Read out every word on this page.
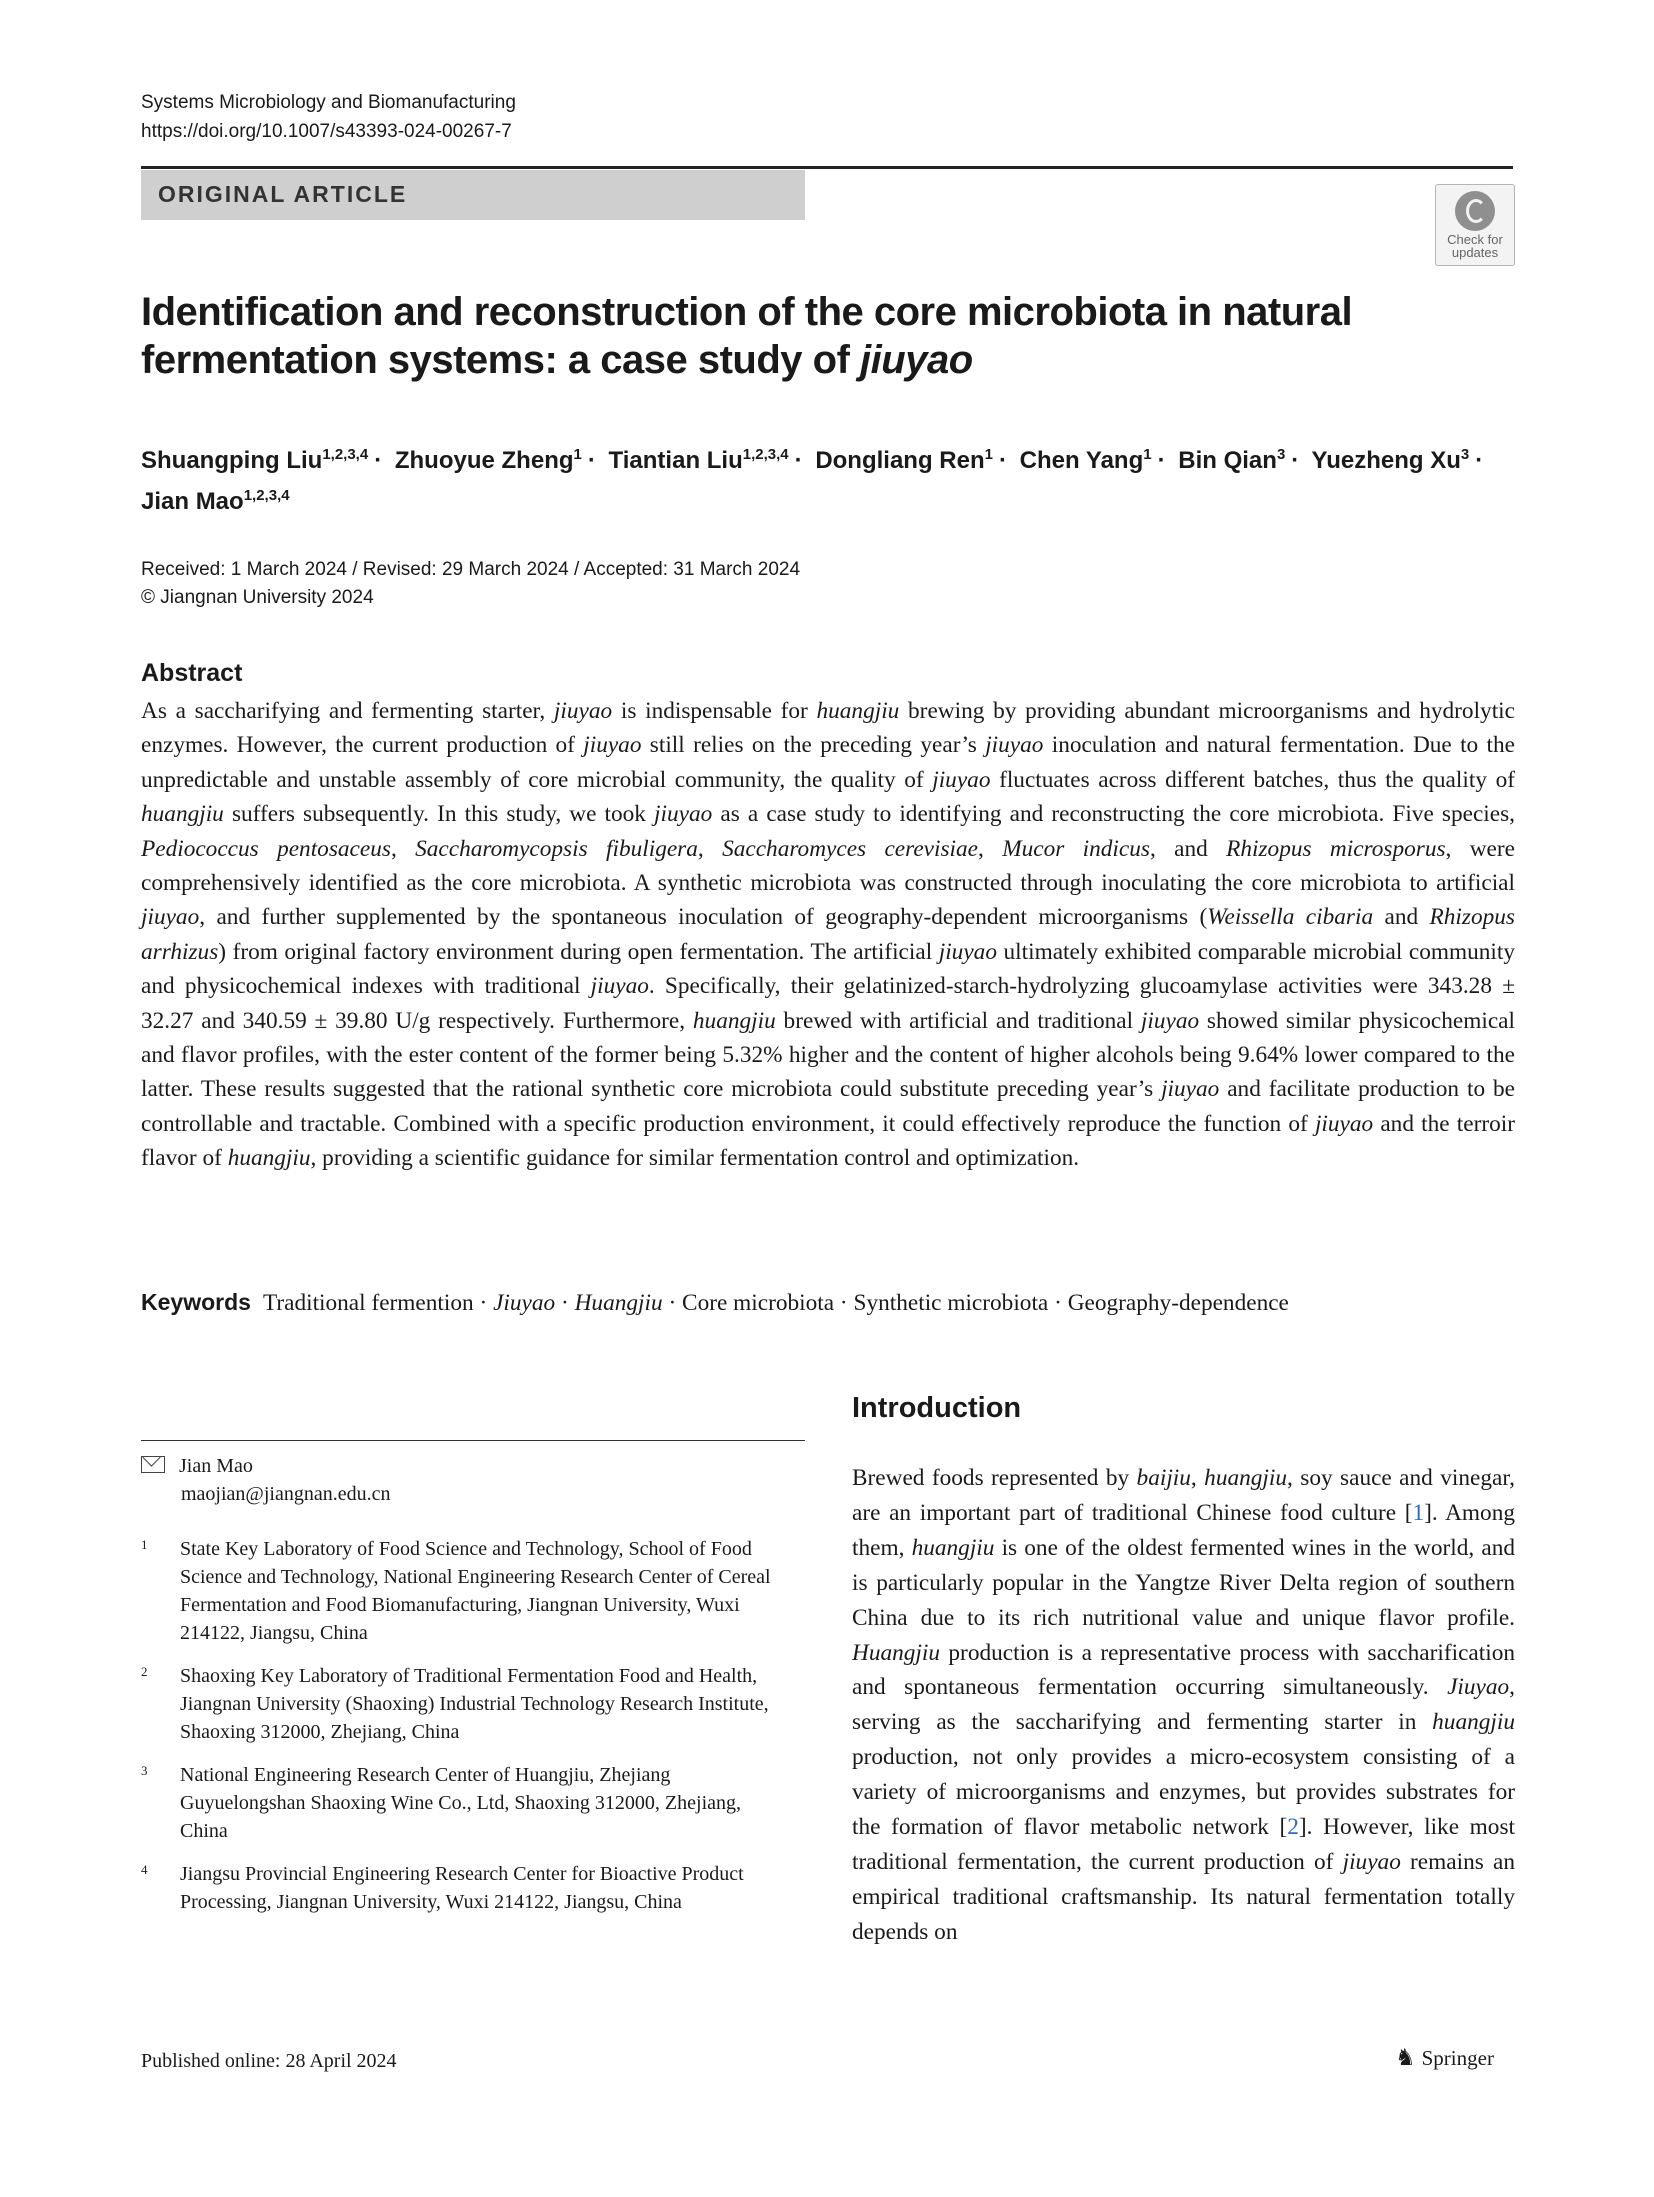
Systems Microbiology and Biomanufacturing
https://doi.org/10.1007/s43393-024-00267-7
ORIGINAL ARTICLE
Check for
updates
Identification and reconstruction of the core microbiota in natural fermentation systems: a case study of jiuyao
Shuangping Liu$^{1,2,3,4}$ · Zhuoyue Zheng$^1$ · Tiantian Liu$^{1,2,3,4}$ · Dongliang Ren$^1$ · Chen Yang$^1$ · Bin Qian$^3$ · Yuezheng $Xu^3$ · Jian Mao$^{1,2,3,4}$
Received: 1 March 2024 / Revised: 29 March 2024 / Accepted: 31 March 2024
© Jiangnan University 2024
Abstract
As a saccharifying and fermenting starter, jiuyao is indispensable for huangjiu brewing by providing abundant microorganisms and hydrolytic enzymes. However, the current production of jiuyao still relies on the preceding year’s jiuyao inoculation and natural fermentation. Due to the unpredictable and unstable assembly of core microbial community, the quality of jiuyao fluctuates across different batches, thus the quality of huangjiu suffers subsequently. In this study, we took jiuyao as a case study to identifying and reconstructing the core microbiota. Five species, Pediococcus pentosaceus, Saccharomycopsis fibuligera, Saccharomyces cerevisiae, Mucor indicus, and Rhizopus microsporus, were comprehensively identified as the core microbiota. A synthetic microbiota was constructed through inoculating the core microbiota to artificial jiuyao, and further supplemented by the spontaneous inoculation of geography-dependent microorganisms (Weissella cibaria and Rhizopus arrhizus) from original factory environment during open fermentation. The artificial jiuyao ultimately exhibited comparable microbial community and physicochemical indexes with traditional jiuyao. Specifically, their gelatinized-starch-hydrolyzing glucoamylase activities were 343.28 ± 32.27 and 340.59 ± 39.80 U/g respectively. Furthermore, huangjiu brewed with artificial and traditional jiuyao showed similar physicochemical and flavor profiles, with the ester content of the former being 5.32% higher and the content of higher alcohols being 9.64% lower compared to the latter. These results suggested that the rational synthetic core microbiota could substitute preceding year’s jiuyao and facilitate production to be controllable and tractable. Combined with a specific production environment, it could effectively reproduce the function of jiuyao and the terroir flavor of huangjiu, providing a scientific guidance for similar fermentation control and optimization.
Keywords Traditional fermention · Jiuyao · Huangjiu · Core microbiota · Synthetic microbiota · Geography-dependence
Jian Mao
maojian@jiangnan.edu.cn
1 State Key Laboratory of Food Science and Technology, School of Food Science and Technology, National Engineering Research Center of Cereal Fermentation and Food Biomanufacturing, Jiangnan University, Wuxi 214122, Jiangsu, China
2 Shaoxing Key Laboratory of Traditional Fermentation Food and Health, Jiangnan University (Shaoxing) Industrial Technology Research Institute, Shaoxing 312000, Zhejiang, China
3 National Engineering Research Center of Huangjiu, Zhejiang Guyuelongshan Shaoxing Wine Co., Ltd, Shaoxing 312000, Zhejiang, China
4 Jiangsu Provincial Engineering Research Center for Bioactive Product Processing, Jiangnan University, Wuxi 214122, Jiangsu, China
Introduction
Brewed foods represented by baijiu, huangjiu, soy sauce and vinegar, are an important part of traditional Chinese food culture [1]. Among them, huangjiu is one of the oldest fermented wines in the world, and is particularly popular in the Yangtze River Delta region of southern China due to its rich nutritional value and unique flavor profile. Huangjiu production is a representative process with saccharification and spontaneous fermentation occurring simultaneously. Jiuyao, serving as the saccharifying and fermenting starter in huangjiu production, not only provides a micro-ecosystem consisting of a variety of microorganisms and enzymes, but provides substrates for the formation of flavor metabolic network [2]. However, like most traditional fermentation, the current production of jiuyao remains an empirical traditional craftsmanship. Its natural fermentation totally depends on
Published online: 28 April 2024	♞ Springer
